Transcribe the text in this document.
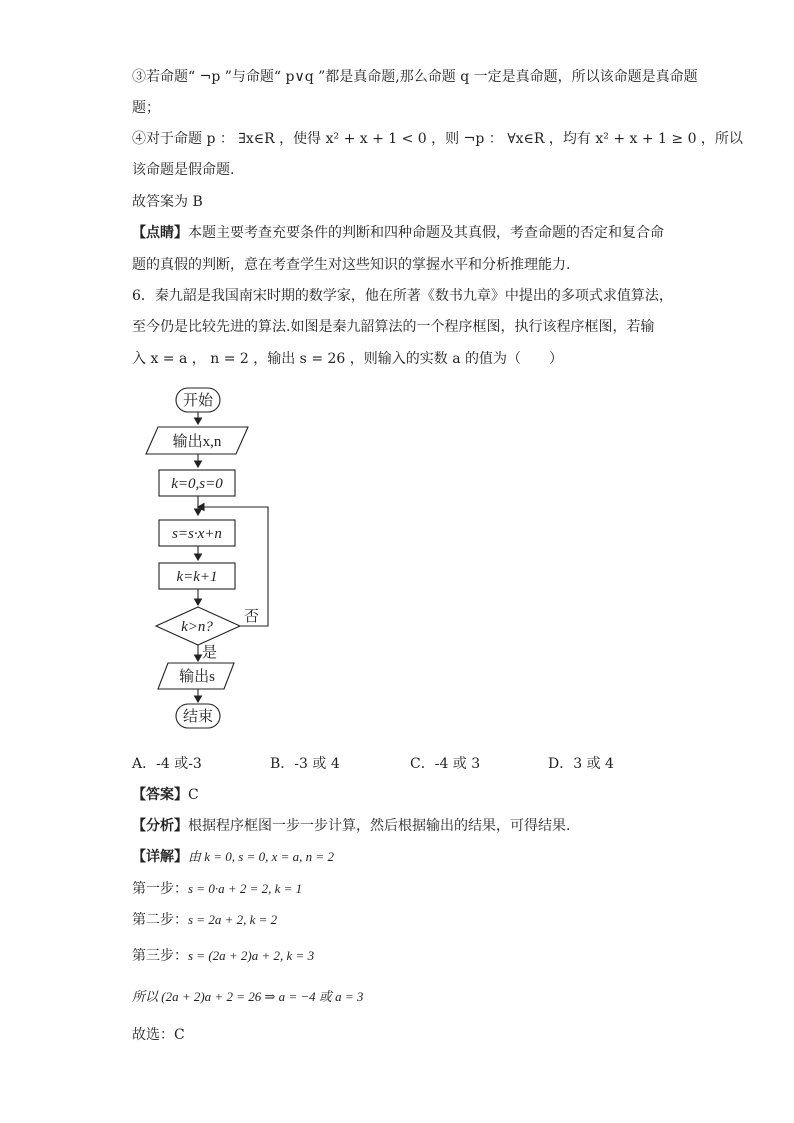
③若命题“ ¬p ”与命题“ p∨q ”都是真命题,那么命题 q 一定是真命题，所以该命题是真命题
题；
④对于命题 p ： ∃x∈R ，使得 x² + x + 1 < 0 ，则 ¬p ： ∀x∈R ，均有 x² + x + 1 ≥ 0 ，所以
该命题是假命题.
故答案为 B
【点睛】本题主要考查充要条件的判断和四种命题及其真假，考查命题的否定和复合命
题的真假的判断，意在考查学生对这些知识的掌握水平和分析推理能力.
6．秦九韶是我国南宋时期的数学家，他在所著《数书九章》中提出的多项式求值算法，
至今仍是比较先进的算法.如图是秦九韶算法的一个程序框图，执行该程序框图，若输
入 x = a ， n = 2 ，输出 s = 26 ，则输入的实数 a 的值为（　　）
开始
输出x,n
k=0,s=0
s=s·x+n
k=k+1
k>n?
否
是
输出s
结束
A．-4 或-3	B．-3 或 4	C．-4 或 3	D．3 或 4
【答案】C
【分析】根据程序框图一步一步计算，然后根据输出的结果，可得结果.
【详解】由 k = 0, s = 0, x = a, n = 2
第一步：s = 0·a + 2 = 2, k = 1
第二步：s = 2a + 2, k = 2
第三步：s = (2a + 2)a + 2, k = 3
所以 (2a + 2)a + 2 = 26 ⇒ a = −4 或 a = 3
故选：C
